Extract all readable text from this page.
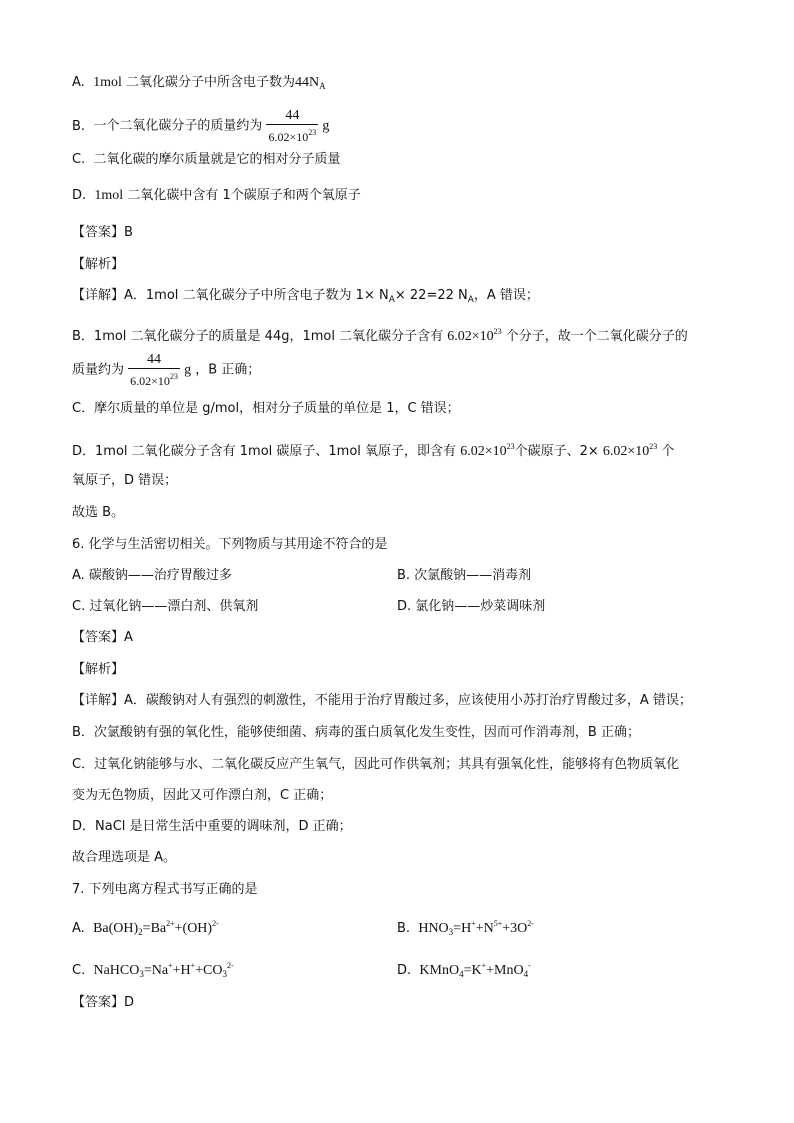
A. 1mol 二氧化碳分子中所含电子数为$44N_A$
B. 一个二氧化碳分子的质量约为 $\frac{44}{6.02\times 10^{23}}$ g
C. 二氧化碳的摩尔质量就是它的相对分子质量
D. 1mol 二氧化碳中含有 1个碳原子和两个氧原子
【答案】B
【解析】
【详解】A．1mol 二氧化碳分子中所含电子数为 $1\times N_A\times 22=22$ $N_A$，A 错误；
B．1mol 二氧化碳分子的质量是 44g，1mol 二氧化碳分子含有 $6.02\times 10^{23}$ 个分子，故一个二氧化碳分子的
质量约为 $\frac{44}{6.02\times 10^{23}}$ g ，B 正确；
C．摩尔质量的单位是 g/mol，相对分子质量的单位是 1，C 错误；
D．1mol 二氧化碳分子含有 1mol 碳原子、1mol 氧原子，即含有 $6.02\times 10^{23}$个碳原子、$2\times 6.02\times 10^{23}$ 个
氧原子，D 错误；
故选 B。
6. 化学与生活密切相关。下列物质与其用途不符合的是
A. 碳酸钠——治疗胃酸过多	B. 次氯酸钠——消毒剂
C. 过氧化钠——漂白剂、供氧剂	D. 氯化钠——炒菜调味剂
【答案】A
【解析】
【详解】A．碳酸钠对人有强烈的刺激性，不能用于治疗胃酸过多，应该使用小苏打治疗胃酸过多，A 错误；
B．次氯酸钠有强的氧化性，能够使细菌、病毒的蛋白质氧化发生变性，因而可作消毒剂，B 正确；
C．过氧化钠能够与水、二氧化碳反应产生氧气，因此可作供氧剂；其具有强氧化性，能够将有色物质氧化
变为无色物质，因此又可作漂白剂，C 正确；
D．NaCl 是日常生活中重要的调味剂，D 正确；
故合理选项是 A。
7. 下列电离方程式书写正确的是
A. $Ba(OH)_2=Ba^{2+}+(OH)^{2-}$	B. $HNO_3=H^++N^{5+}+3O^{2-}$
C. $NaHCO_3=Na^++H^++CO_3^{2-}$	D. KMnO$_4$=K++MnO$_4$-
【答案】D
